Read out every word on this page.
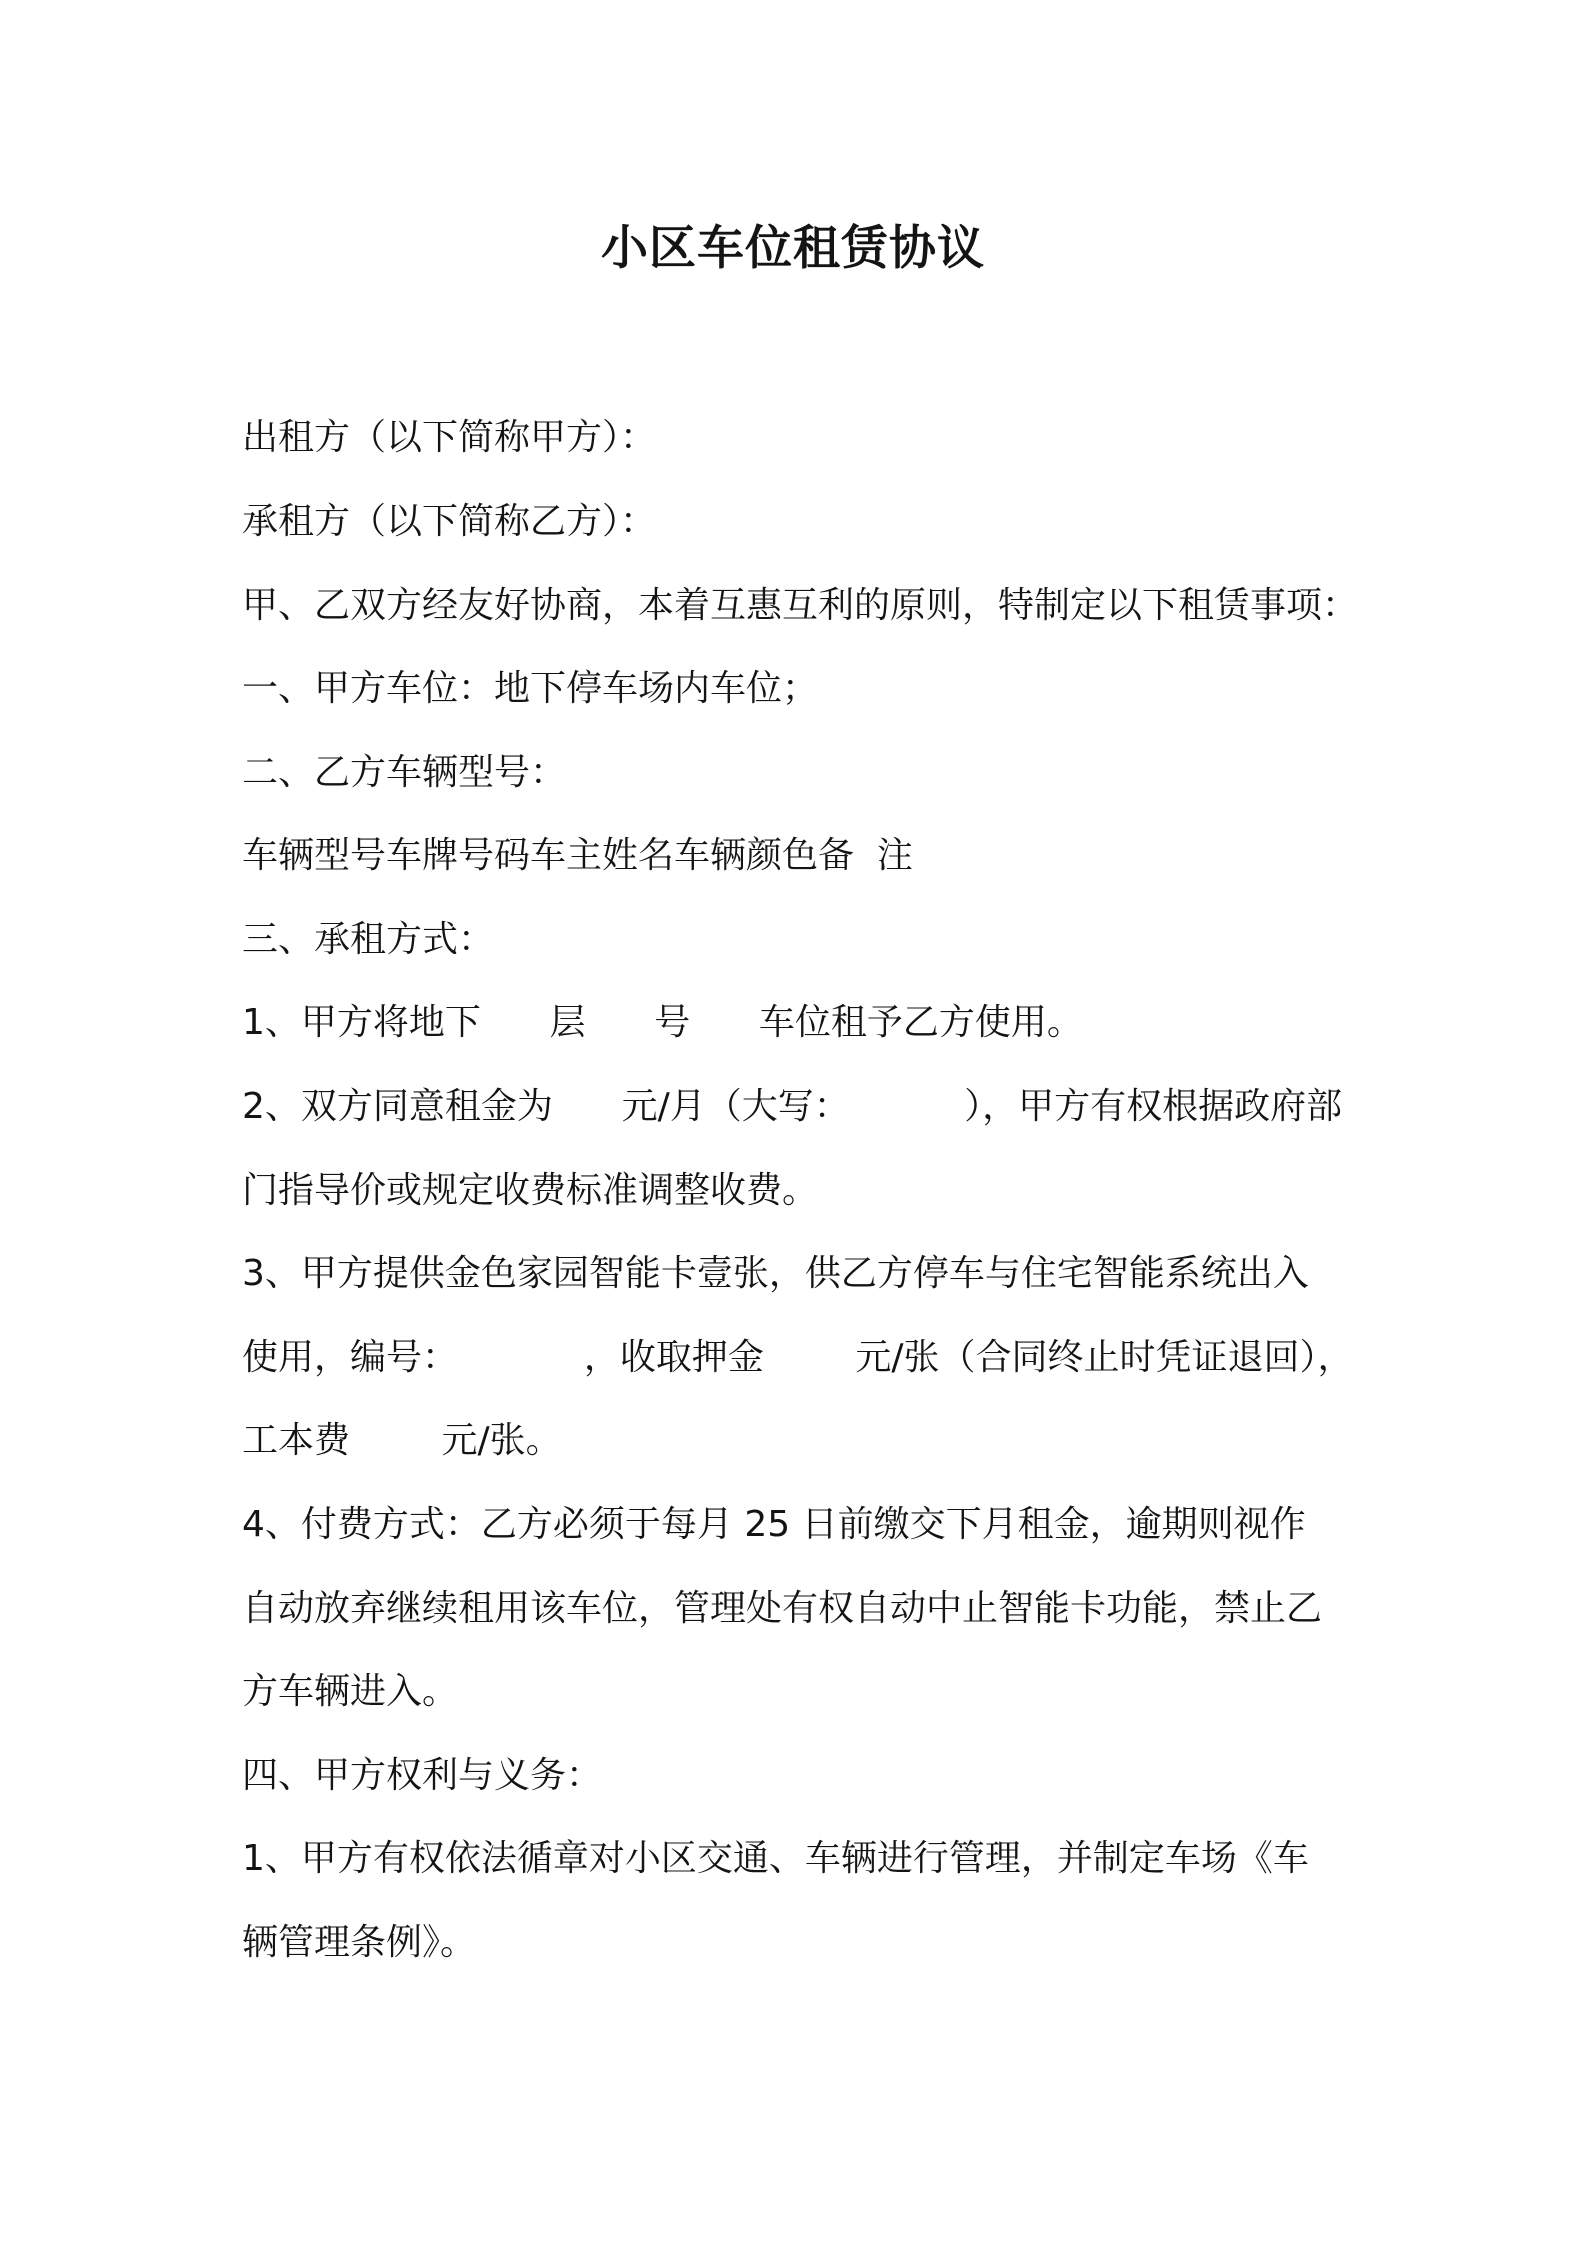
小区车位租赁协议

出租方（以下简称甲方）：

承租方（以下简称乙方）：

甲、乙双方经友好协商，本着互惠互利的原则，特制定以下租赁事项：

一、甲方车位：地下停车场内车位；

二、乙方车辆型号：

车辆型号车牌号码车主姓名车辆颜色备  注

三、承租方式：

1、甲方将地下      层      号      车位租予乙方使用。

2、双方同意租金为      元/月（大写：          ），甲方有权根据政府部

门指导价或规定收费标准调整收费。

3、甲方提供金色家园智能卡壹张，供乙方停车与住宅智能系统出入

使用，编号：           ，收取押金        元/张（合同终止时凭证退回），

工本费        元/张。

4、付费方式：乙方必须于每月 25 日前缴交下月租金，逾期则视作

自动放弃继续租用该车位，管理处有权自动中止智能卡功能，禁止乙

方车辆进入。

四、甲方权利与义务：

1、甲方有权依法循章对小区交通、车辆进行管理，并制定车场《车

辆管理条例》。
